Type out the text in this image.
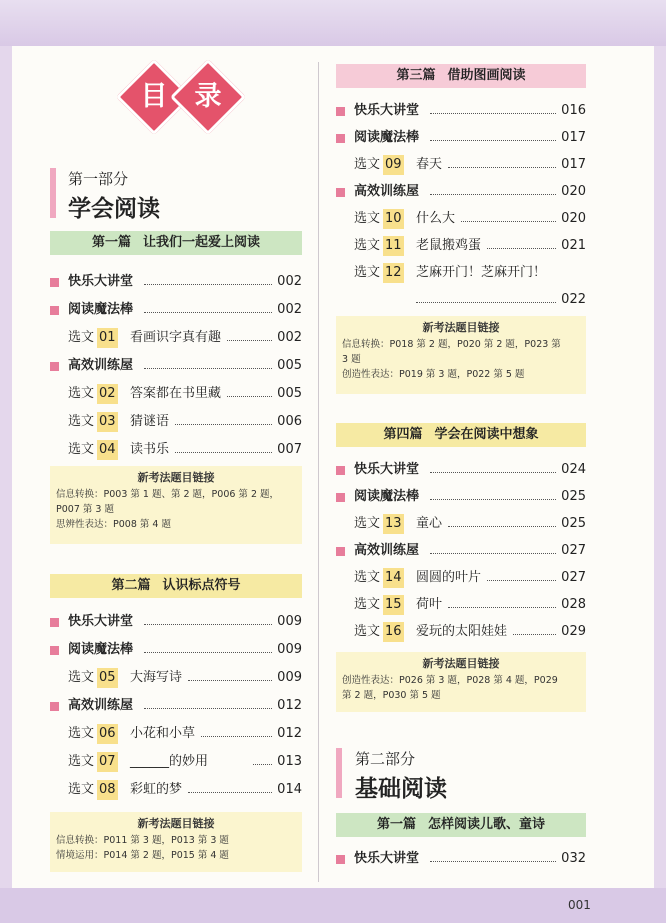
目	录
第一部分
学会阅读
第一篇 让我们一起爱上阅读
快乐大讲堂	002
阅读魔法棒	002
选文 01 看画识字真有趣	002
高效训练屋	005
选文 02 答案都在书里藏	005
选文 03 猜谜语	006
选文 04 读书乐	007
新考法题目链接
信息转换：P003 第 1 题、第 2 题，P006 第 2 题，
P007 第 3 题
思辨性表达：P008 第 4 题
第二篇 认识标点符号
快乐大讲堂	009
阅读魔法棒	009
选文 05 大海写诗	009
高效训练屋	012
选文 06 小花和小草	012
选文 07 ______的妙用	013
选文 08 彩虹的梦	014
新考法题目链接
信息转换：P011 第 3 题，P013 第 3 题
情境运用：P014 第 2 题，P015 第 4 题
第三篇 借助图画阅读
快乐大讲堂	016
阅读魔法棒	017
选文 09 春天	017
高效训练屋	020
选文 10 什么大	020
选文 11 老鼠搬鸡蛋	021
选文 12 芝麻开门！芝麻开门！
022
新考法题目链接
信息转换：P018 第 2 题，P020 第 2 题，P023 第
3 题
创造性表达：P019 第 3 题，P022 第 5 题
第四篇 学会在阅读中想象
快乐大讲堂	024
阅读魔法棒	025
选文 13 童心	025
高效训练屋	027
选文 14 圆圆的叶片	027
选文 15 荷叶	028
选文 16 爱玩的太阳娃娃	029
新考法题目链接
创造性表达：P026 第 3 题，P028 第 4 题，P029
第 2 题，P030 第 5 题
第二部分
基础阅读
第一篇 怎样阅读儿歌、童诗
快乐大讲堂	032
001
